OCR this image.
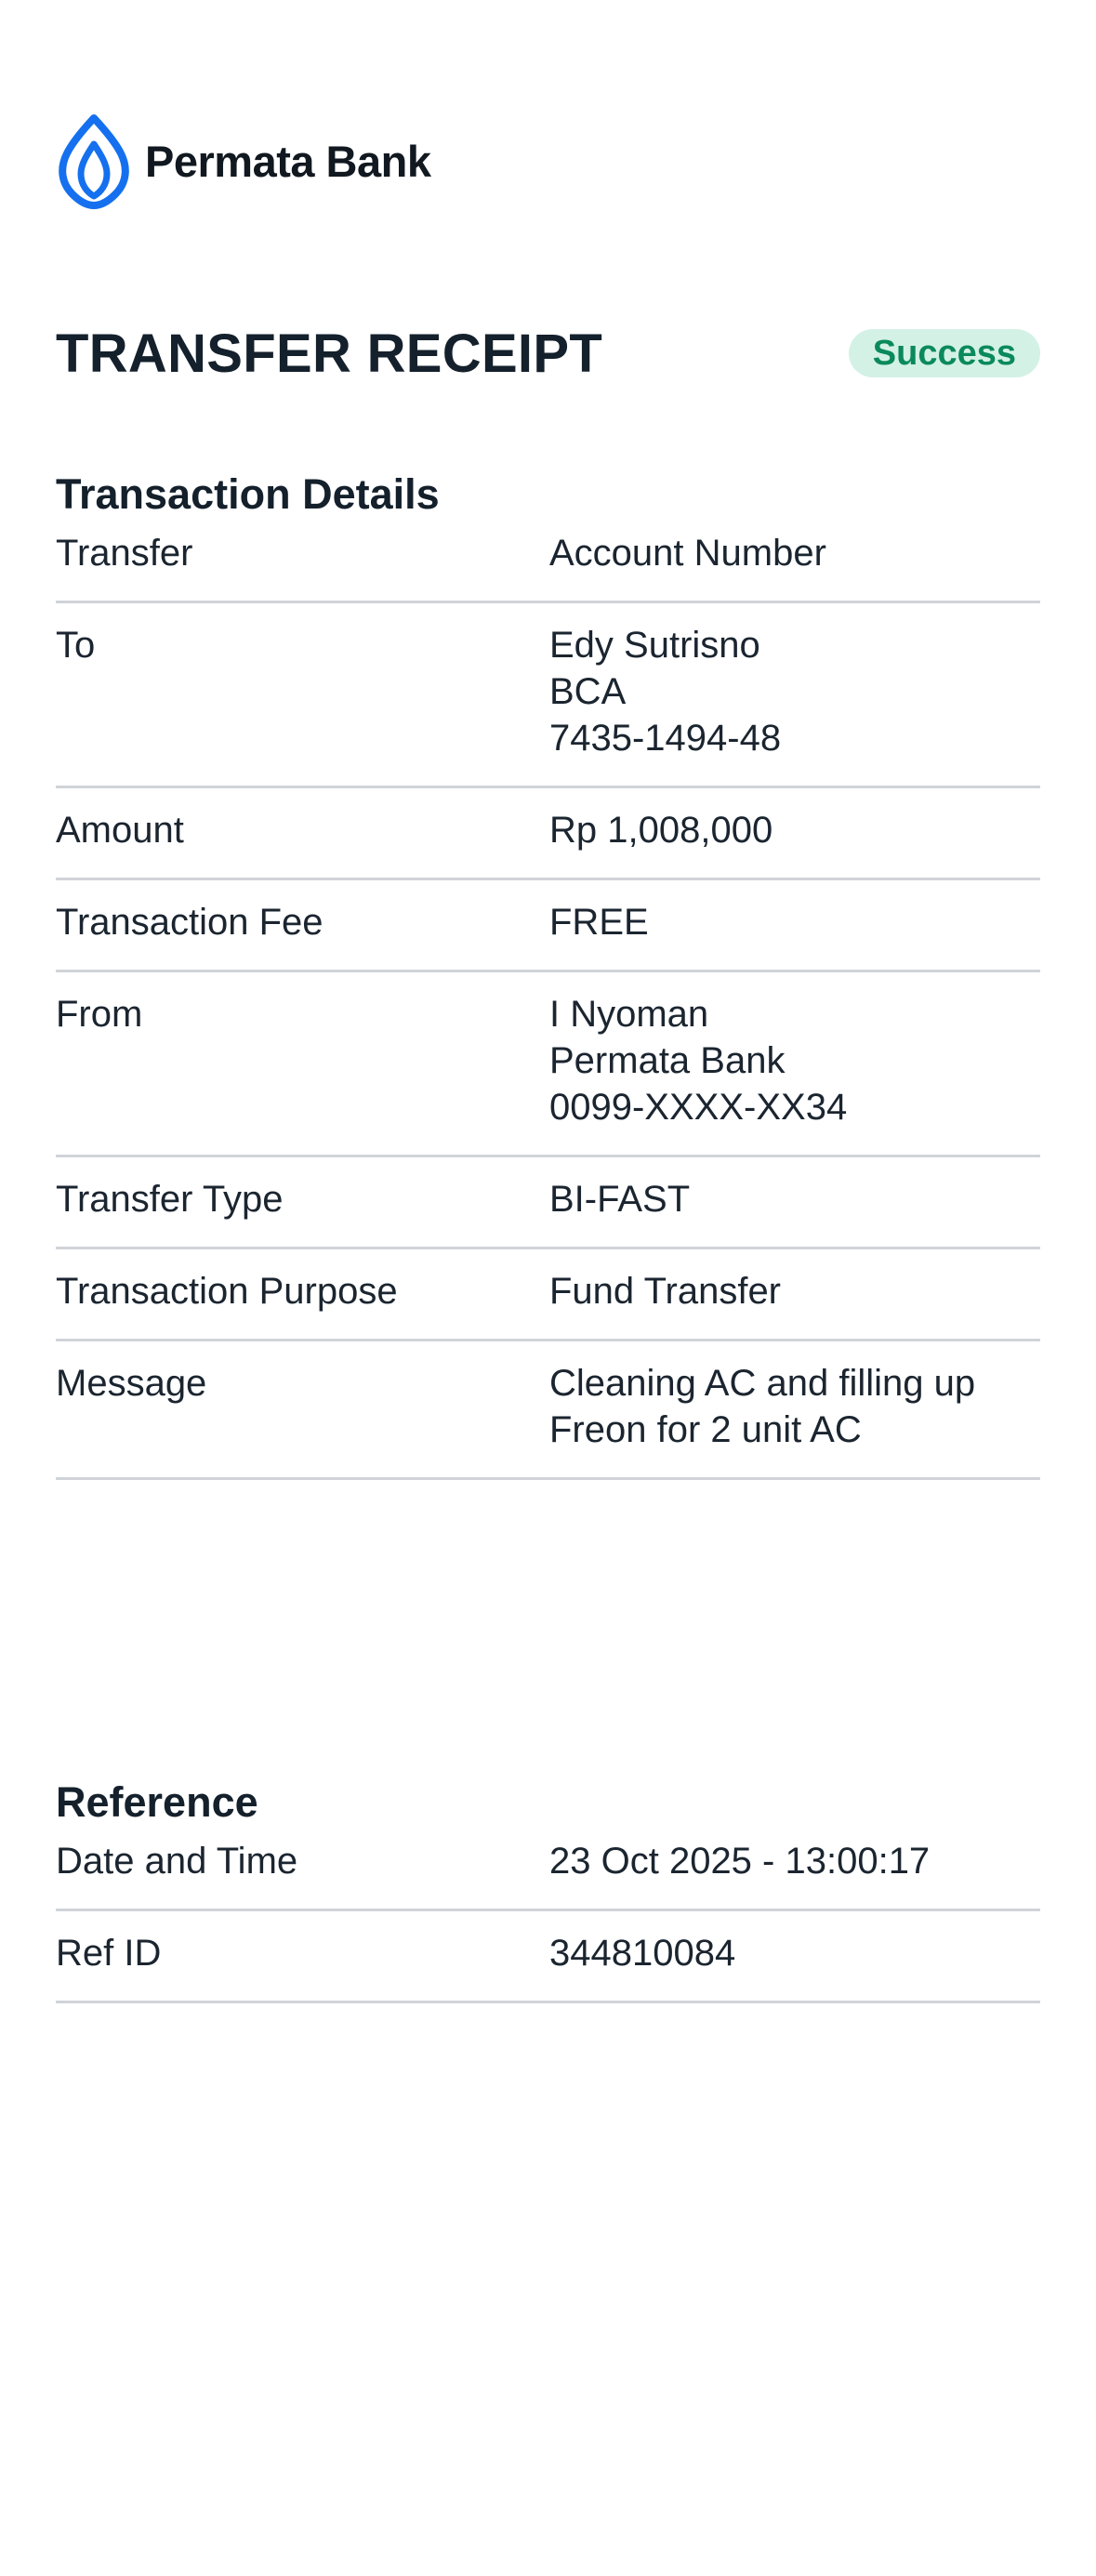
Permata Bank
TRANSFER RECEIPT	Success
Transaction Details
Transfer	Account Number
To	Edy Sutrisno
BCA
7435-1494-48
Amount	Rp 1,008,000
Transaction Fee	FREE
From	I Nyoman
Permata Bank
0099-XXXX-XX34
Transfer Type	BI-FAST
Transaction Purpose	Fund Transfer
Message	Cleaning AC and filling up
Freon for 2 unit AC
Reference
Date and Time	23 Oct 2025 - 13:00:17
Ref ID	344810084
